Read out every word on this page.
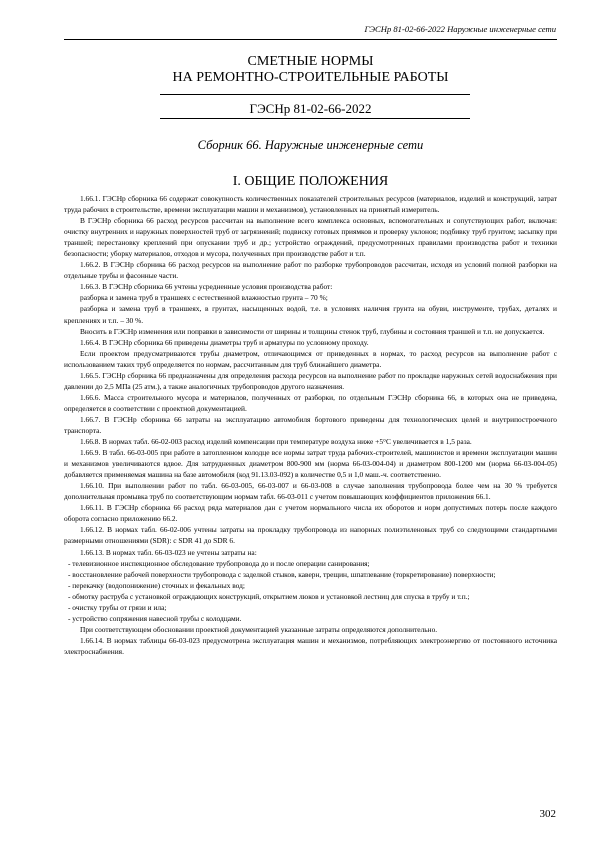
ГЭСНр 81-02-66-2022 Наружные инженерные сети
СМЕТНЫЕ НОРМЫ
НА РЕМОНТНО-СТРОИТЕЛЬНЫЕ РАБОТЫ
ГЭСНр 81-02-66-2022
Сборник 66. Наружные инженерные сети
I. ОБЩИЕ ПОЛОЖЕНИЯ

1.66.1. ГЭСНр сборника 66 содержат совокупность количественных показателей строительных ресурсов (материалов, изделий и конструкций, затрат труда рабочих в строительстве, времени эксплуатации машин и механизмов), установленных на принятый измеритель.

В ГЭСНр сборника 66 расход ресурсов рассчитан на выполнение всего комплекса основных, вспомогательных и сопутствующих работ, включая: очистку внутренних и наружных поверхностей труб от загрязнений; подвиску готовых приямков и проверку уклонов; подбивку труб грунтом; засыпку при траншей; перестановку креплений при опускании труб и др.; устройство ограждений, предусмотренных правилами производства работ и техники безопасности; уборку материалов, отходов и мусора, полученных при производстве работ и т.п.

1.66.2. В ГЭСНр сборника 66 расход ресурсов на выполнение работ по разборке трубопроводов рассчитан, исходя из условий полной разборки на отдельные трубы и фасонные части.

1.66.3. В ГЭСНр сборника 66 учтены усредненные условия производства работ:

разборка и замена труб в траншеях с естественной влажностью грунта – 70 %;

разборка и замена труб в траншеях, в грунтах, насыщенных водой, т.е. в условиях наличия грунта на обуви, инструменте, трубах, деталях и креплениях и т.п. – 30 %.

Вносить в ГЭСНр изменения или поправки в зависимости от ширины и толщины стенок труб, глубины и состояния траншей и т.п. не допускается.

1.66.4. В ГЭСНр сборника 66 приведены диаметры труб и арматуры по условному проходу.

Если проектом предусматриваются трубы диаметром, отличающимся от приведенных в нормах, то расход ресурсов на выполнение работ с использованием таких труб определяется по нормам, рассчитанным для труб ближайшего диаметра.

1.66.5. ГЭСНр сборника 66 предназначены для определения расхода ресурсов на выполнение работ по прокладке наружных сетей водоснабжения при давлении до 2,5 МПа (25 атм.), а также аналогичных трубопроводов другого назначения.

1.66.6. Масса строительного мусора и материалов, полученных от разборки, по отдельным ГЭСНр сборника 66, в которых она не приведена, определяется в соответствии с проектной документацией.

1.66.7. В ГЭСНр сборника 66 затраты на эксплуатацию автомобиля бортового приведены для технологических целей и внутрипостроечного транспорта.

1.66.8. В нормах табл. 66-02-003 расход изделий компенсации при температуре воздуха ниже +5°С увеличивается в 1,5 раза.

1.66.9. В табл. 66-03-005 при работе в затопленном колодце все нормы затрат труда рабочих-строителей, машинистов и времени эксплуатации машин и механизмов увеличиваются вдвое. Для затрудненных диаметром 800-900 мм (норма 66-03-004-04) и диаметром 800-1200 мм (норма 66-03-004-05) добавляется применяемая машина на базе автомобиля (код 91.13.03-092) в количестве 0,5 и 1,0 маш.-ч. соответственно.

1.66.10. При выполнении работ по табл. 66-03-005, 66-03-007 и 66-03-008 в случае заполнения трубопровода более чем на 30 % требуется дополнительная промывка труб по соответствующим нормам табл. 66-03-011 с учетом повышающих коэффициентов приложения 66.1.

1.66.11. В ГЭСНр сборника 66 расход ряда материалов дан с учетом нормального числа их оборотов и норм допустимых потерь после каждого оборота согласно приложению 66.2.

1.66.12. В нормах табл. 66-02-006 учтены затраты на прокладку трубопровода из напорных полиэтиленовых труб со следующими стандартными размерными отношениями (SDR): с SDR 41 до SDR 6.

1.66.13. В нормах табл. 66-03-023 не учтены затраты на:

- телевизионное инспекционное обследование трубопровода до и после операции санирования;

- восстановление рабочей поверхности трубопровода с заделкой стыков, каверн, трещин, шпатлевание (торкретирование) поверхности;

- перекачку (водопонижение) сточных и фекальных вод;

- обмотку раструба с установкой ограждающих конструкций, открытием люков и установкой лестниц для спуска в трубу и т.п.;

- очистку трубы от грязи и ила;

- устройство сопряжения навесной трубы с колодцами.

При соответствующем обосновании проектной документацией указанные затраты определяются дополнительно.

1.66.14. В нормах таблицы 66-03-023 предусмотрена эксплуатация машин и механизмов, потребляющих электроэнергию от постоянного источника электроснабжения.

302
